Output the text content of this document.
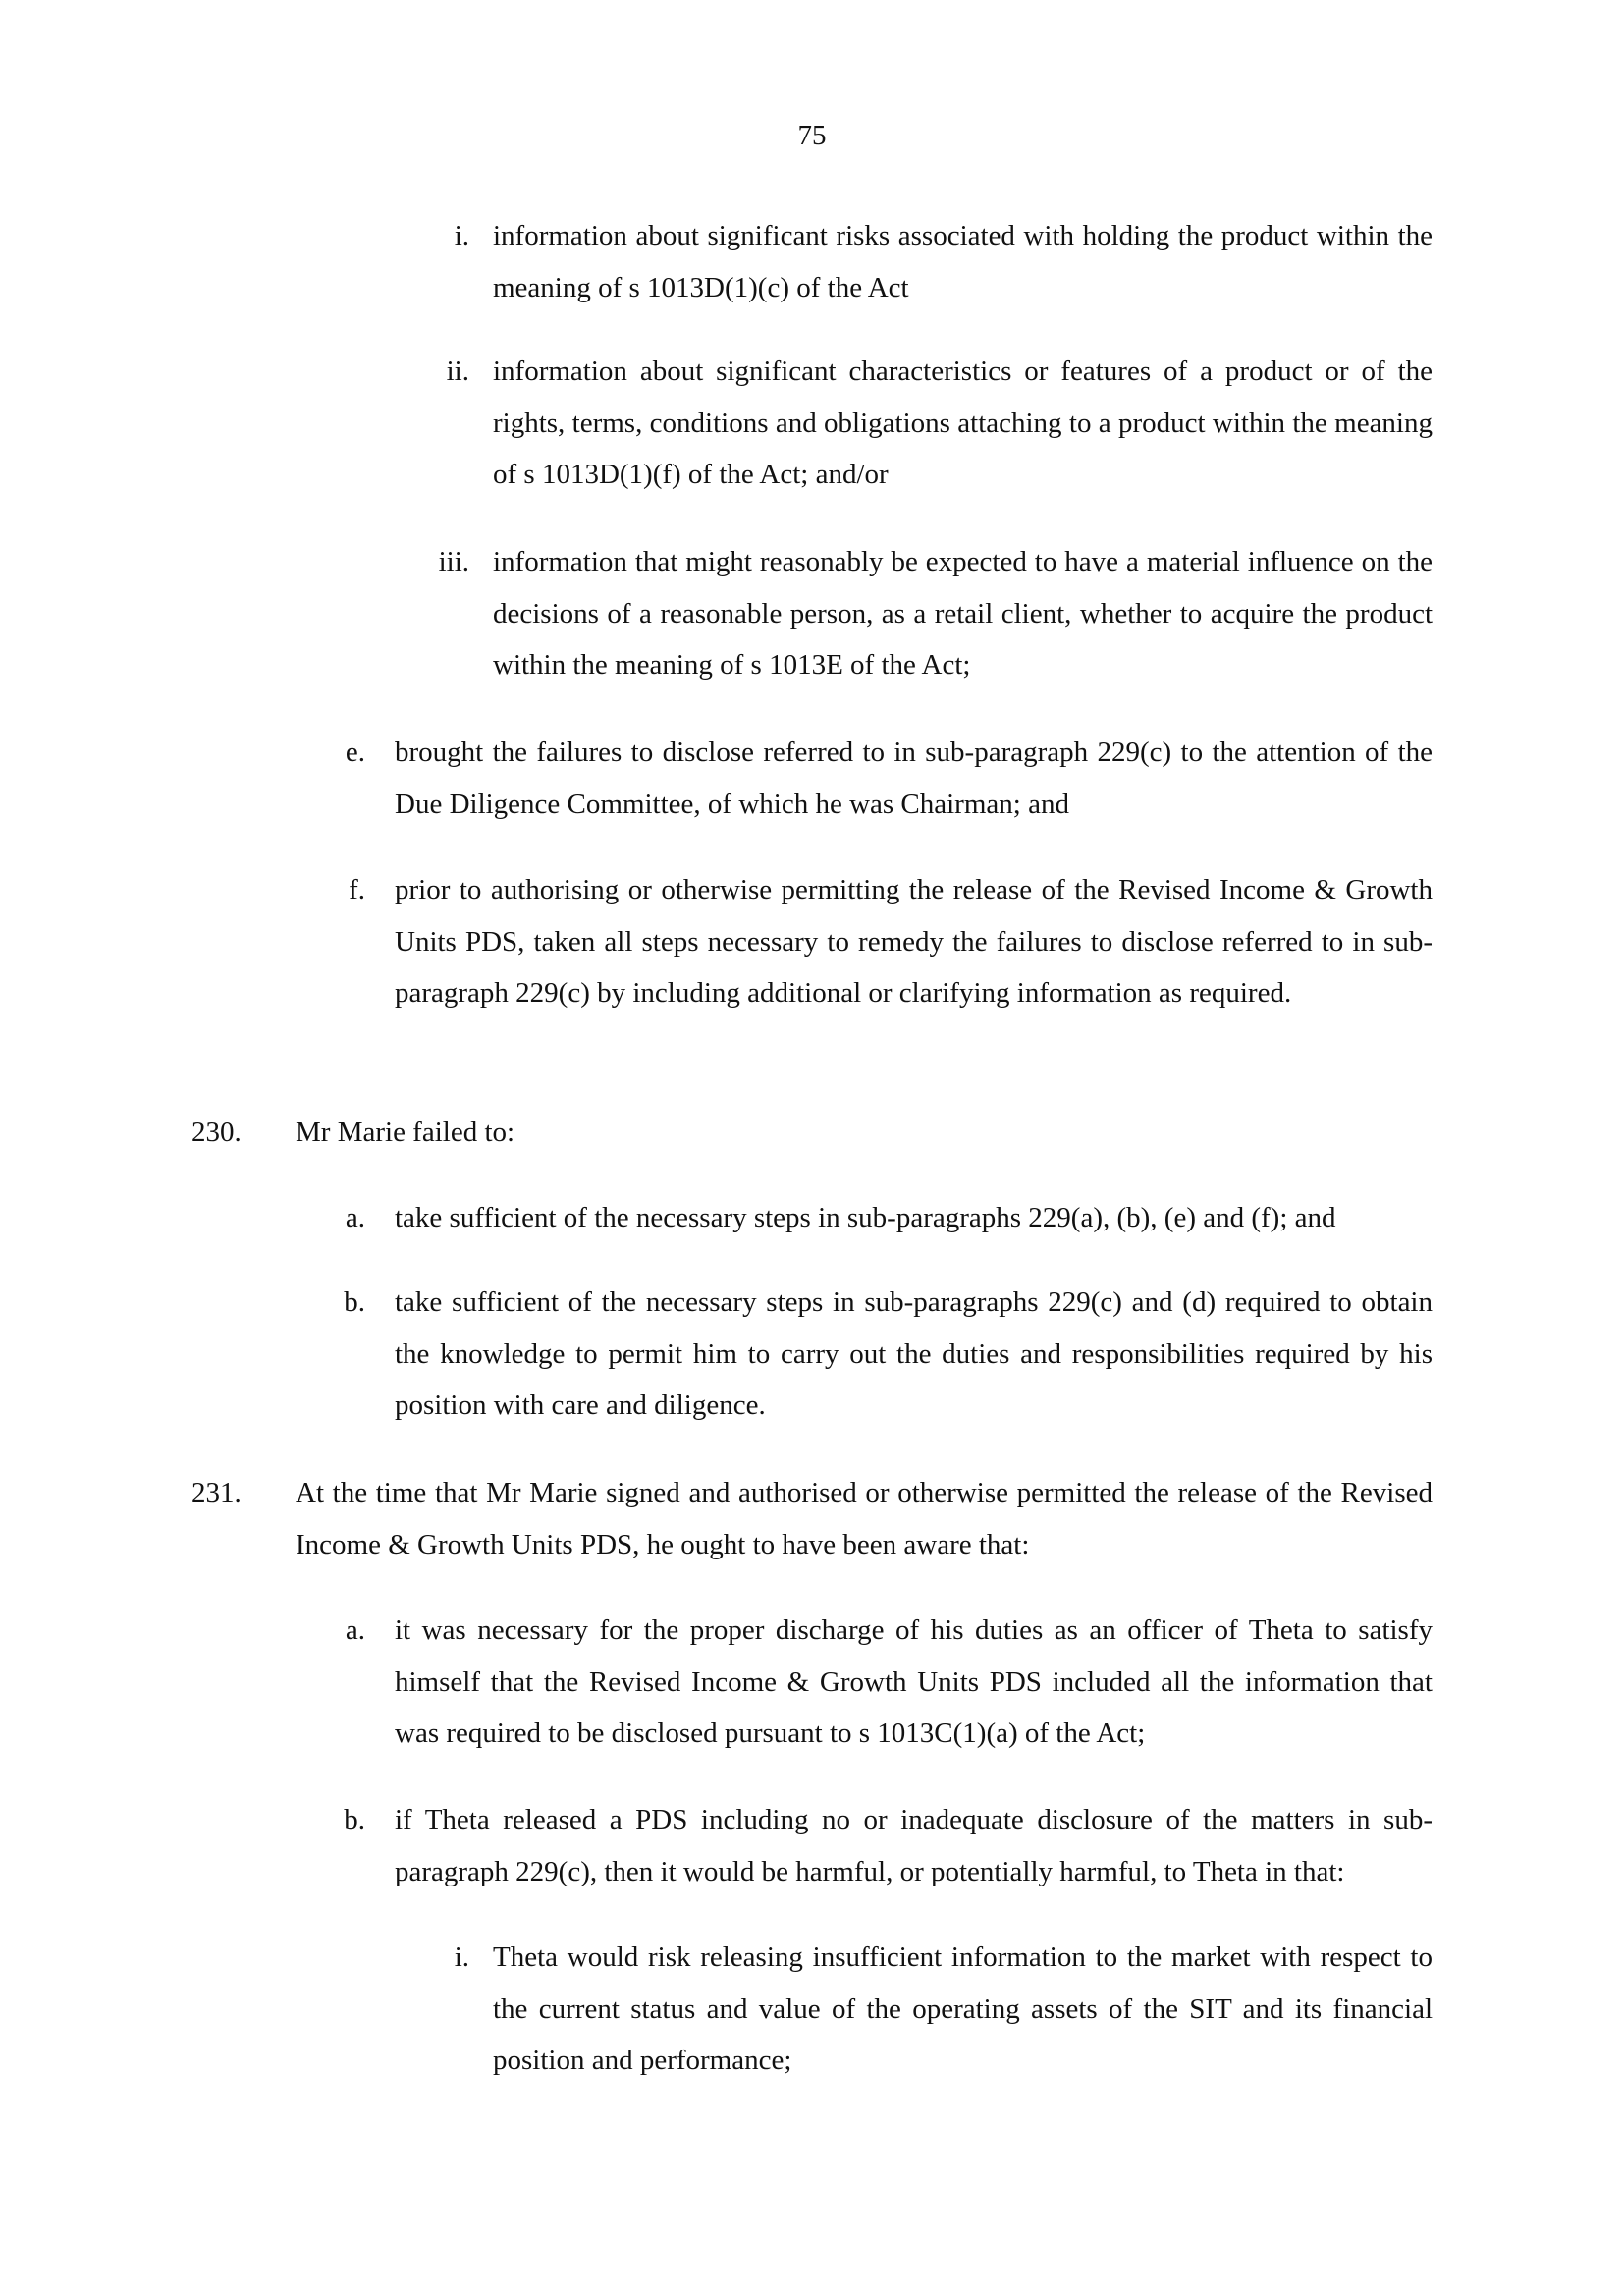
75
i. information about significant risks associated with holding the product within the meaning of s 1013D(1)(c) of the Act
ii. information about significant characteristics or features of a product or of the rights, terms, conditions and obligations attaching to a product within the meaning of s 1013D(1)(f) of the Act; and/or
iii. information that might reasonably be expected to have a material influence on the decisions of a reasonable person, as a retail client, whether to acquire the product within the meaning of s 1013E of the Act;
e. brought the failures to disclose referred to in sub-paragraph 229(c) to the attention of the Due Diligence Committee, of which he was Chairman; and
f. prior to authorising or otherwise permitting the release of the Revised Income & Growth Units PDS, taken all steps necessary to remedy the failures to disclose referred to in sub-paragraph 229(c) by including additional or clarifying information as required.
230.	Mr Marie failed to:
a. take sufficient of the necessary steps in sub-paragraphs 229(a), (b), (e) and (f); and
b. take sufficient of the necessary steps in sub-paragraphs 229(c) and (d) required to obtain the knowledge to permit him to carry out the duties and responsibilities required by his position with care and diligence.
231.	At the time that Mr Marie signed and authorised or otherwise permitted the release of the Revised Income & Growth Units PDS, he ought to have been aware that:
a. it was necessary for the proper discharge of his duties as an officer of Theta to satisfy himself that the Revised Income & Growth Units PDS included all the information that was required to be disclosed pursuant to s 1013C(1)(a) of the Act;
b. if Theta released a PDS including no or inadequate disclosure of the matters in sub-paragraph 229(c), then it would be harmful, or potentially harmful, to Theta in that:
i. Theta would risk releasing insufficient information to the market with respect to the current status and value of the operating assets of the SIT and its financial position and performance;
